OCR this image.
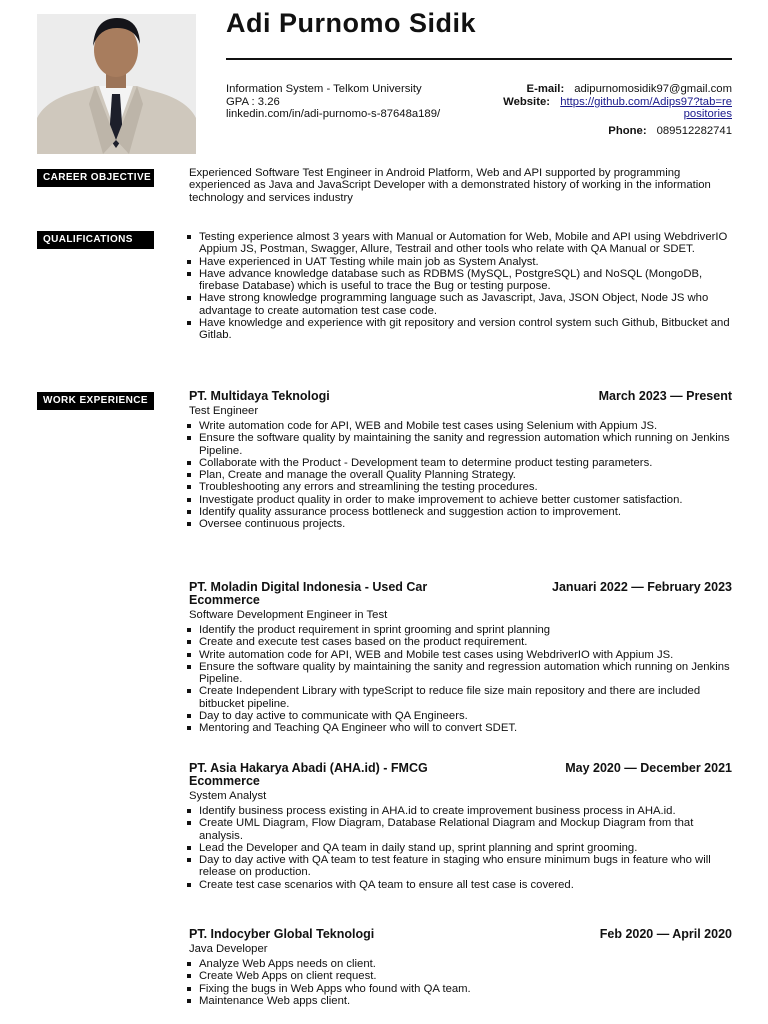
Adi Purnomo Sidik
Information System - Telkom University
GPA : 3.26
linkedin.com/in/adi-purnomo-s-87648a189/
E-mail: adipurnomosidik97@gmail.com
Website: https://github.com/Adips97?tab=repositories
Phone: 089512282741
CAREER OBJECTIVE	Experienced Software Test Engineer in Android Platform, Web and API supported by programming experienced as Java and JavaScript Developer with a demonstrated history of working in the information technology and services industry

QUALIFICATIONS	Testing experience almost 3 years with Manual or Automation for Web, Mobile and API using WebdriverIO Appium JS, Postman, Swagger, Allure, Testrail and other tools who relate with QA Manual or SDET.
Have experienced in UAT Testing while main job as System Analyst.
Have advance knowledge database such as RDBMS (MySQL, PostgreSQL) and NoSQL (MongoDB, firebase Database) which is useful to trace the Bug or testing purpose.
Have strong knowledge programming language such as Javascript, Java, JSON Object, Node JS who advantage to create automation test case code.
Have knowledge and experience with git repository and version control system such Github, Bitbucket and Gitlab.
WORK EXPERIENCE	PT. Multidaya Teknologi	March 2023 — Present
Test Engineer
Write automation code for API, WEB and Mobile test cases using Selenium with Appium JS.
Ensure the software quality by maintaining the sanity and regression automation which running on Jenkins Pipeline.
Collaborate with the Product - Development team to determine product testing parameters.
Plan, Create and manage the overall Quality Planning Strategy.
Troubleshooting any errors and streamlining the testing procedures.
Investigate product quality in order to make improvement to achieve better customer satisfaction.
Identify quality assurance process bottleneck and suggestion action to improvement.
Oversee continuous projects.
PT. Moladin Digital Indonesia - Used Car Ecommerce
Januari 2022 — February 2023
Software Development Engineer in Test
Identify the product requirement in sprint grooming and sprint planning
Create and execute test cases based on the product requirement.
Write automation code for API, WEB and Mobile test cases using WebdriverIO with Appium JS.
Ensure the software quality by maintaining the sanity and regression automation which running on Jenkins Pipeline.
Create Independent Library with typeScript to reduce file size main repository and there are included bitbucket pipeline.
Day to day active to communicate with QA Engineers.
Mentoring and Teaching QA Engineer who will to convert SDET.
PT. Asia Hakarya Abadi (AHA.id) - FMCG Ecommerce
May 2020 — December 2021
System Analyst
Identify business process existing in AHA.id to create improvement business process in AHA.id.
Create UML Diagram, Flow Diagram, Database Relational Diagram and Mockup Diagram from that analysis.
Lead the Developer and QA team in daily stand up, sprint planning and sprint grooming.
Day to day active with QA team to test feature in staging who ensure minimum bugs in feature who will release on production.
Create test case scenarios with QA team to ensure all test case is covered.
PT. Indocyber Global Teknologi	Feb 2020 — April 2020
Java Developer
Analyze Web Apps needs on client.
Create Web Apps on client request.
Fixing the bugs in Web Apps who found with QA team.
Maintenance Web apps client.
